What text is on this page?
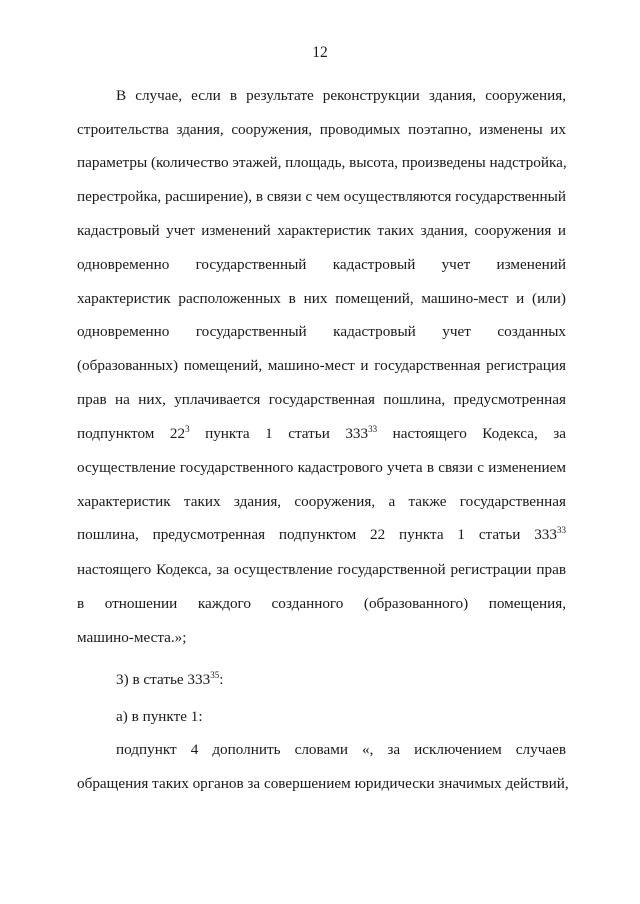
12
В случае, если в результате реконструкции здания, сооружения,
строительства здания, сооружения, проводимых поэтапно, изменены их
параметры (количество этажей, площадь, высота, произведены надстройка,
перестройка, расширение), в связи с чем осуществляются государственный
кадастровый учет изменений характеристик таких здания, сооружения и
одновременно государственный кадастровый учет изменений
характеристик расположенных в них помещений, машино-мест и (или)
одновременно государственный кадастровый учет созданных
(образованных) помещений, машино-мест и государственная регистрация
прав на них, уплачивается государственная пошлина, предусмотренная
подпунктом $22^3$ пункта 1 статьи $333^{33}$ настоящего Кодекса, за
осуществление государственного кадастрового учета в связи с изменением
характеристик таких здания, сооружения, а также государственная
пошлина, предусмотренная подпунктом 22 пункта 1 статьи $333^{33}$
настоящего Кодекса, за осуществление государственной регистрации прав
в отношении каждого созданного (образованного) помещения,
машино-места.»;
3) в статье $333^{35}$:
а) в пункте 1:
подпункт 4 дополнить словами «, за исключением случаев
обращения таких органов за совершением юридически значимых действий,
